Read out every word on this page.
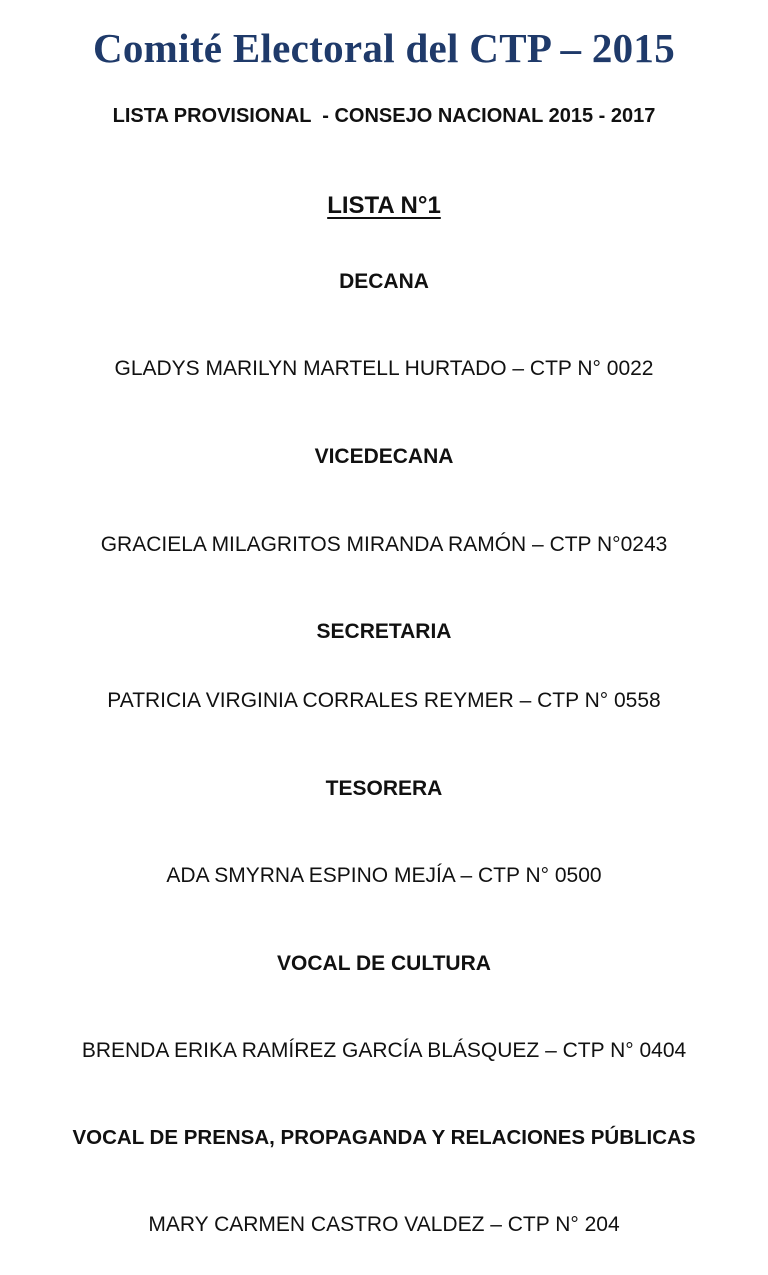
Comité Electoral del CTP – 2015
LISTA PROVISIONAL  - CONSEJO NACIONAL 2015 - 2017
LISTA N°1
DECANA
GLADYS MARILYN MARTELL HURTADO – CTP N° 0022
VICEDECANA
GRACIELA MILAGRITOS MIRANDA RAMÓN – CTP N°0243
SECRETARIA
PATRICIA VIRGINIA CORRALES REYMER – CTP N° 0558
TESORERA
ADA SMYRNA ESPINO MEJÍA – CTP N° 0500
VOCAL DE CULTURA
BRENDA ERIKA RAMÍREZ GARCÍA BLÁSQUEZ – CTP N° 0404
VOCAL DE PRENSA, PROPAGANDA Y RELACIONES PÚBLICAS
MARY CARMEN CASTRO VALDEZ – CTP N° 204
